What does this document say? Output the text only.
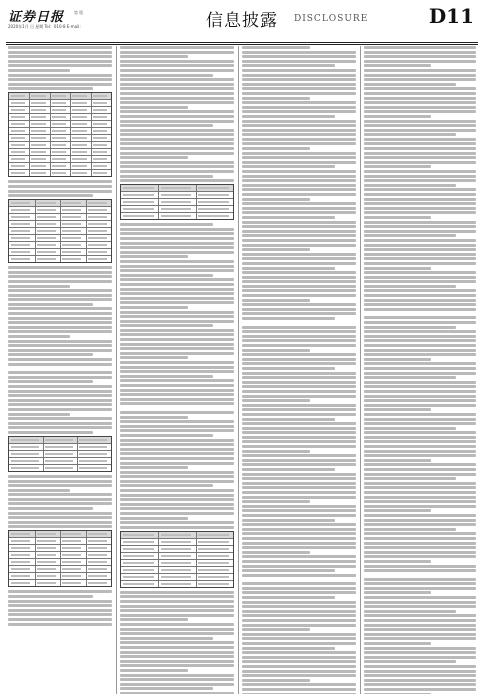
证券日报 第 版
2020年1月 日 星期 Tel：010-8 E-mail：	信息披露 DISCLOSURE	D11
